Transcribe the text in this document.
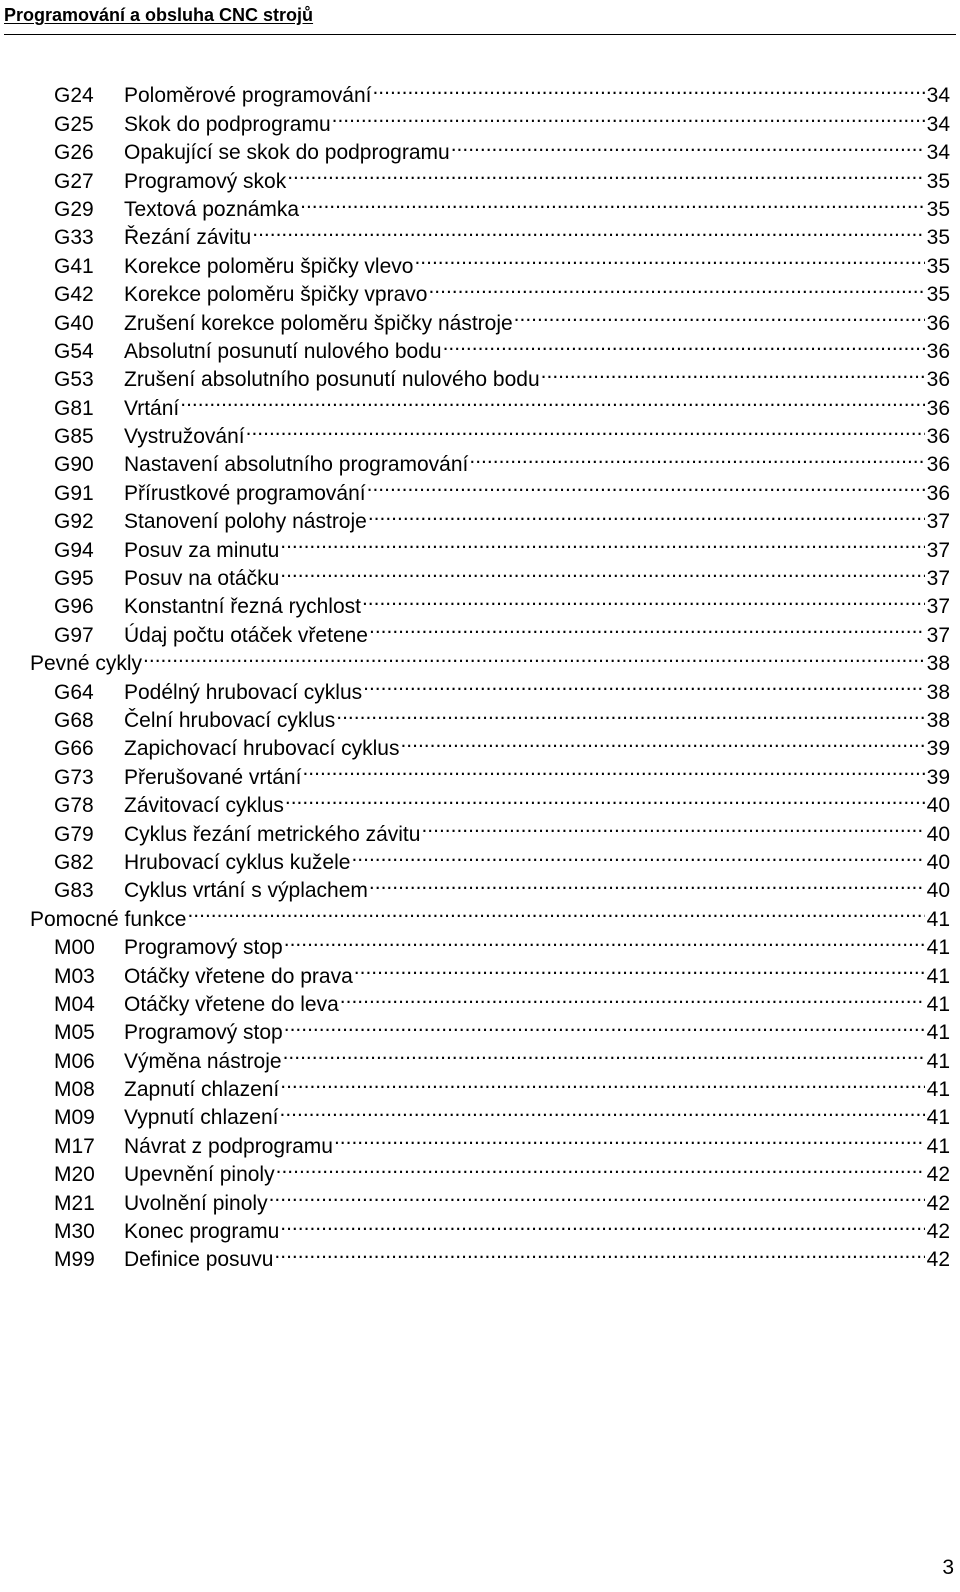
Programování a obsluha CNC strojů
G24	Poloměrové programování .....	34
G25	Skok do podprogramu .....	34
G26	Opakující se skok do podprogramu .....	34
G27	Programový skok .....	35
G29	Textová poznámka .....	35
G33	Řezání závitu .....	35
G41	Korekce poloměru špičky vlevo .....	35
G42	Korekce poloměru špičky vpravo .....	35
G40	Zrušení korekce poloměru špičky nástroje .....	36
G54	Absolutní posunutí nulového bodu .....	36
G53	Zrušení absolutního posunutí nulového bodu .....	36
G81	Vrtání .....	36
G85	Vystružování .....	36
G90	Nastavení absolutního programování .....	36
G91	Přírustkové programování .....	36
G92	Stanovení polohy nástroje .....	37
G94	Posuv za minutu .....	37
G95	Posuv na otáčku .....	37
G96	Konstantní řezná rychlost .....	37
G97	Údaj počtu otáček vřetene .....	37
Pevné cykly .....	38
G64	Podélný hrubovací cyklus .....	38
G68	Čelní hrubovací cyklus .....	38
G66	Zapichovací hrubovací cyklus .....	39
G73	Přerušované vrtání .....	39
G78	Závitovací cyklus .....	40
G79	Cyklus řezání metrického závitu .....	40
G82	Hrubovací cyklus kužele .....	40
G83	Cyklus vrtání s výplachem .....	40
Pomocné funkce .....	41
M00	Programový stop .....	41
M03	Otáčky vřetene do prava .....	41
M04	Otáčky vřetene do leva .....	41
M05	Programový stop .....	41
M06	Výměna nástroje .....	41
M08	Zapnutí chlazení .....	41
M09	Vypnutí chlazení .....	41
M17	Návrat z podprogramu .....	41
M20	Upevnění pinoly .....	42
M21	Uvolnění pinoly .....	42
M30	Konec programu .....	42
M99	Definice posuvu .....	42
3
